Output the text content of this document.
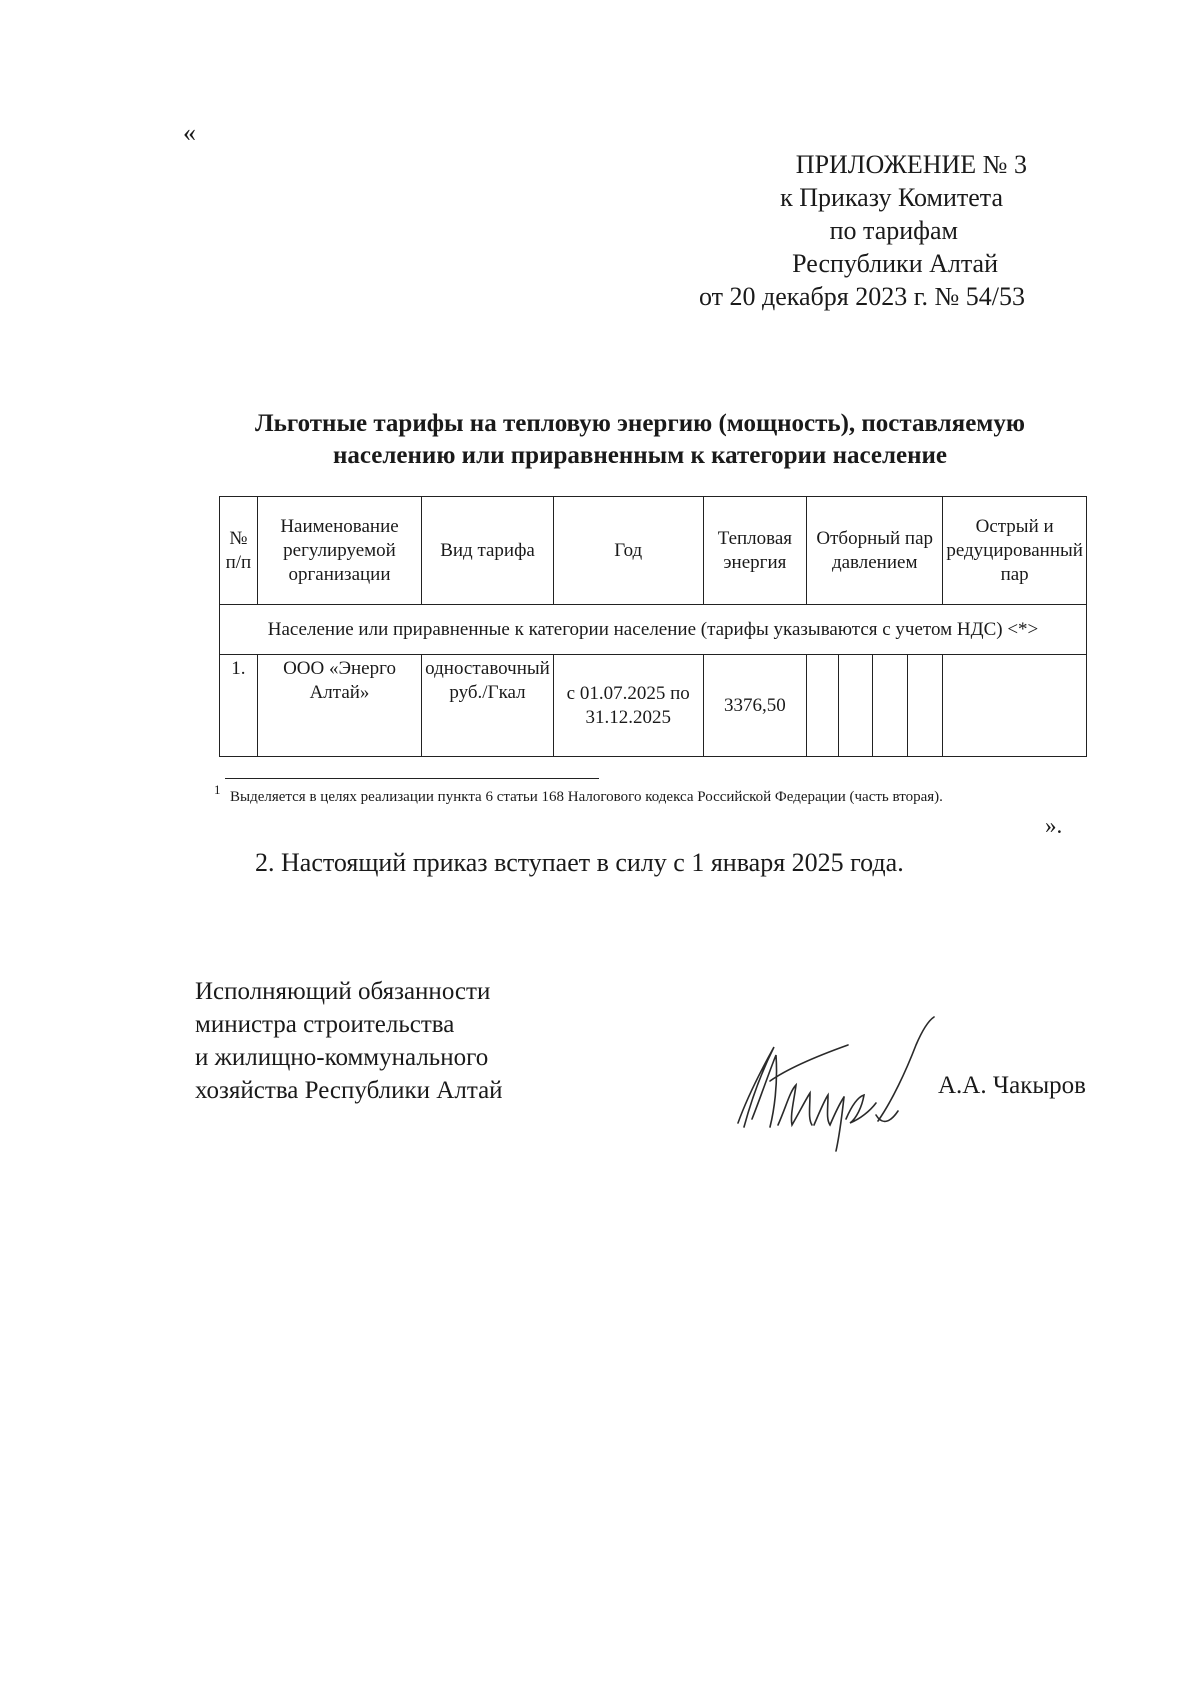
«
ПРИЛОЖЕНИЕ № 3
к Приказу Комитета
по тарифам
Республики Алтай
от 20 декабря 2023 г. № 54/53
Льготные тарифы на тепловую энергию (мощность), поставляемую
населению или приравненным к категории население
№ п/п	Наименование регулируемой организации	Вид тарифа	Год	Тепловая энергия	Отборный пар давлением				Острый и редуцированный пар
Население или приравненные к категории население (тарифы указываются с учетом НДС) <*>									
1.	ООО «Энерго Алтай»	одноставочный руб./Гкал	с 01.07.2025 по 31.12.2025	3376,50					
1 Выделяется в целях реализации пункта 6 статьи 168 Налогового кодекса Российской Федерации (часть вторая).
».
2. Настоящий приказ вступает в силу с 1 января 2025 года.
Исполняющий обязанности
министра строительства
и жилищно-коммунального
хозяйства Республики Алтай	А.А. Чакыров
